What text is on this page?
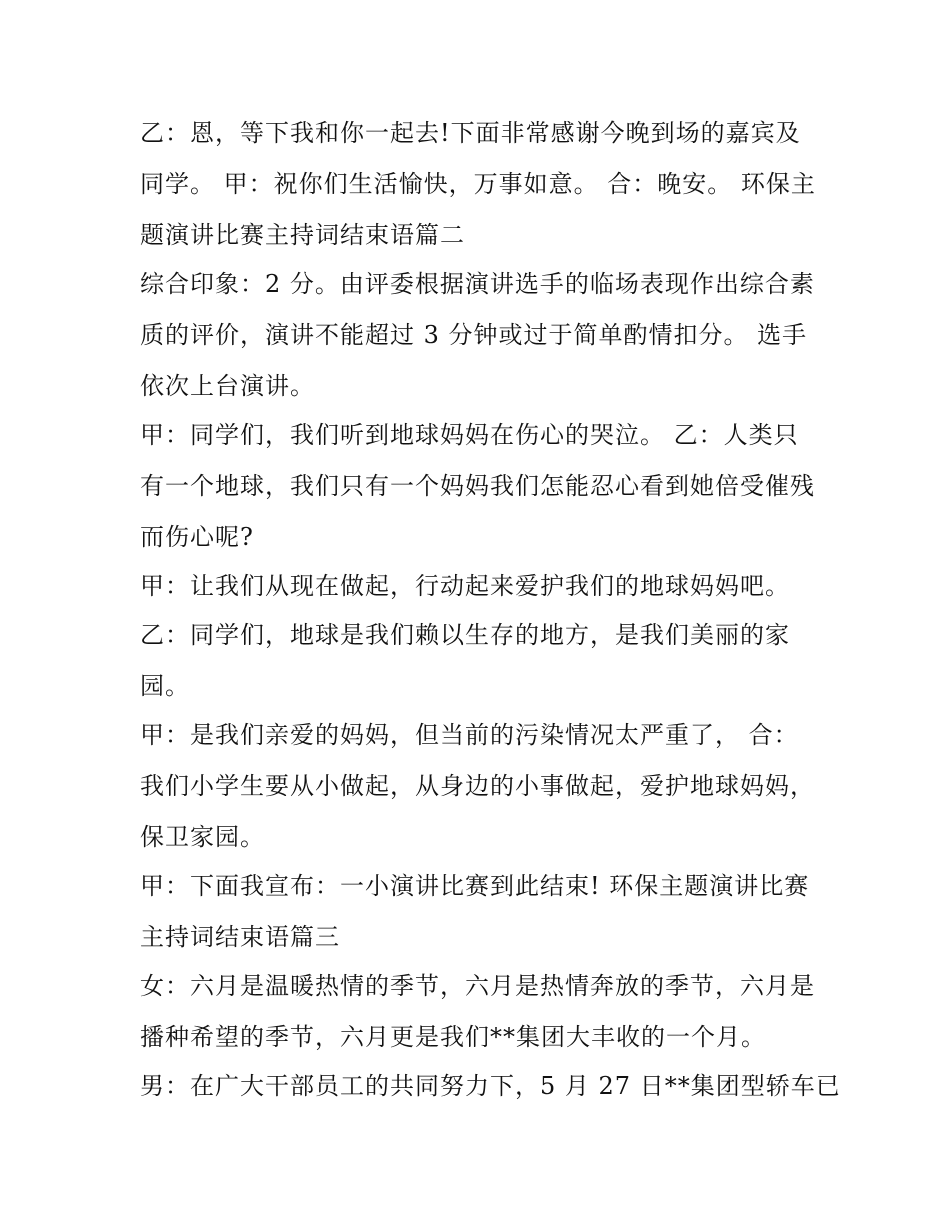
乙：恩，等下我和你一起去!下面非常感谢今晚到场的嘉宾及
同学。 甲：祝你们生活愉快，万事如意。 合：晚安。 环保主
题演讲比赛主持词结束语篇二
综合印象：2 分。由评委根据演讲选手的临场表现作出综合素
质的评价，演讲不能超过 3 分钟或过于简单酌情扣分。 选手
依次上台演讲。
甲：同学们，我们听到地球妈妈在伤心的哭泣。 乙：人类只
有一个地球，我们只有一个妈妈我们怎能忍心看到她倍受催残
而伤心呢?
甲：让我们从现在做起，行动起来爱护我们的地球妈妈吧。
乙：同学们，地球是我们赖以生存的地方，是我们美丽的家
园。
甲：是我们亲爱的妈妈，但当前的污染情况太严重了， 合：
我们小学生要从小做起，从身边的小事做起，爱护地球妈妈，
保卫家园。
甲：下面我宣布：一小演讲比赛到此结束! 环保主题演讲比赛
主持词结束语篇三
女：六月是温暖热情的季节，六月是热情奔放的季节，六月是
播种希望的季节，六月更是我们**集团大丰收的一个月。
男：在广大干部员工的共同努力下，5 月 27 日**集团型轿车已
